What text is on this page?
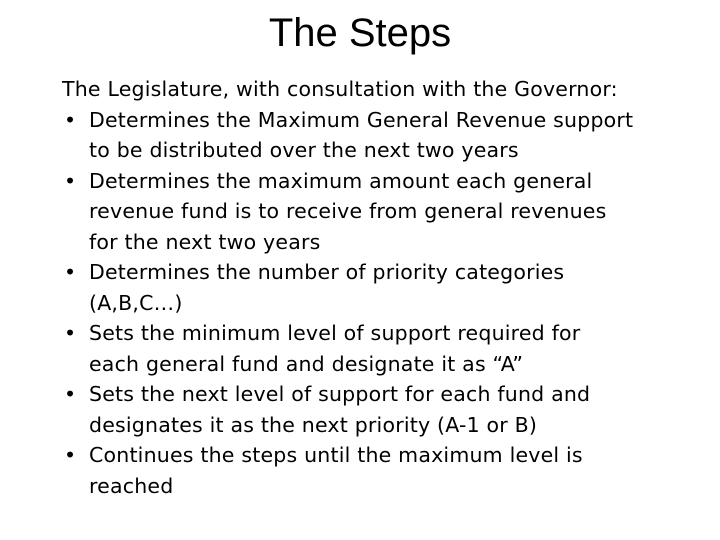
The Steps

The Legislature, with consultation with the Governor:

• Determines the Maximum General Revenue support
to be distributed over the next two years
• Determines the maximum amount each general
revenue fund is to receive from general revenues
for the next two years
• Determines the number of priority categories
(A,B,C…)
• Sets the minimum level of support required for
each general fund and designate it as “A”
• Sets the next level of support for each fund and
designates it as the next priority (A-1 or B)
• Continues the steps until the maximum level is
reached
